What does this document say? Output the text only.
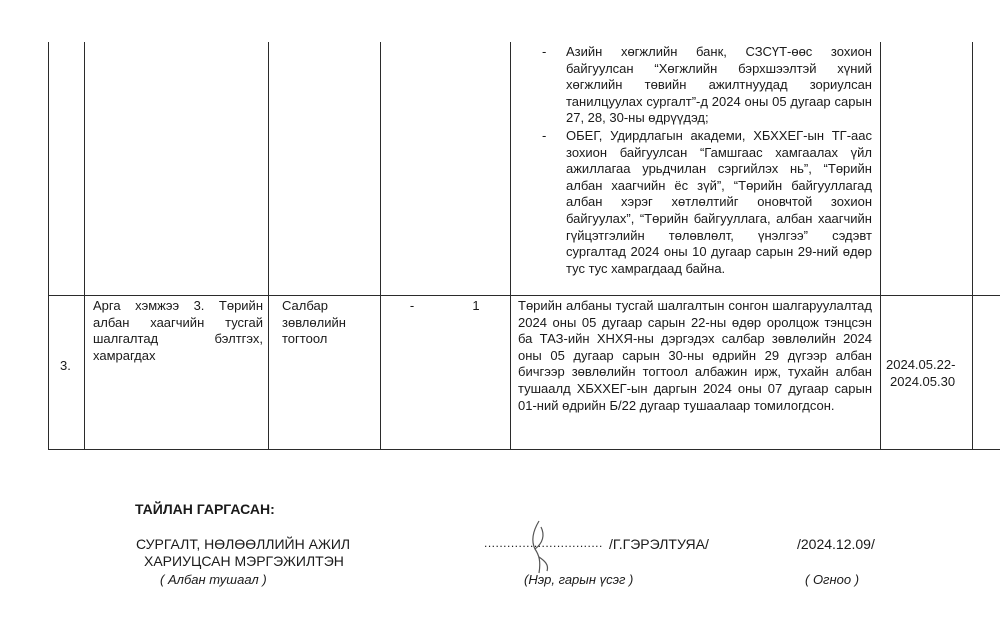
- Азийн хөгжлийн банк, СЗСҮТ-өөс зохион байгуулсан “Хөгжлийн бэрхшээлтэй хүний хөгжлийн төвийн ажилтнуудад зориулсан танилцуулах сургалт”-д 2024 оны 05 дугаар сарын 27, 28, 30-ны өдрүүдэд;
- ОБЕГ, Удирдлагын академи, ХБХХЕГ-ын ТГ-аас зохион байгуулсан “Гамшгаас хамгаалах үйл ажиллагаа урьдчилан сэргийлэх нь”, “Төрийн албан хаагчийн ёс зүй”, “Төрийн байгууллагад албан хэрэг хөтлөлтийг оновчтой зохион байгуулах”, “Төрийн байгууллага, албан хаагчийн гүйцэтгэлийн төлөвлөлт, үнэлгээ” сэдэвт сургалтад 2024 оны 10 дугаар сарын 29-ний өдөр тус тус хамрагдаад байна.
3.
Арга хэмжээ 3. Төрийн албан хаагчийн тусгай шалгалтад бэлтгэх, хамрагдах
Салбар зөвлөлийн тогтоол
-	1	Төрийн албаны тусгай шалгалтын сонгон шалгаруулалтад 2024 оны 05 дугаар сарын 22-ны өдөр оролцож тэнцсэн ба ТАЗ-ийн ХНХЯ-ны дэргэдэх салбар зөвлөлийн 2024 оны 05 дугаар сарын 30-ны өдрийн 29 дүгээр албан бичгээр зөвлөлийн тогтоол албажин ирж, тухайн албан тушаалд ХБХХЕГ-ын даргын 2024 оны 07 дугаар сарын 01-ний өдрийн Б/22 дугаар тушаалаар томилогдсон.
2024.05.22-
2024.05.30
ТАЙЛАН ГАРГАСАН:
СУРГАЛТ, НӨЛӨӨЛЛИЙН АЖИЛ
ХАРИУЦСАН МЭРГЭЖИЛТЭН
( Албан тушаал )
............................... /Г.ГЭРЭЛТУЯА/
(Нэр, гарын үсэг )
/2024.12.09/
( Огноо )
